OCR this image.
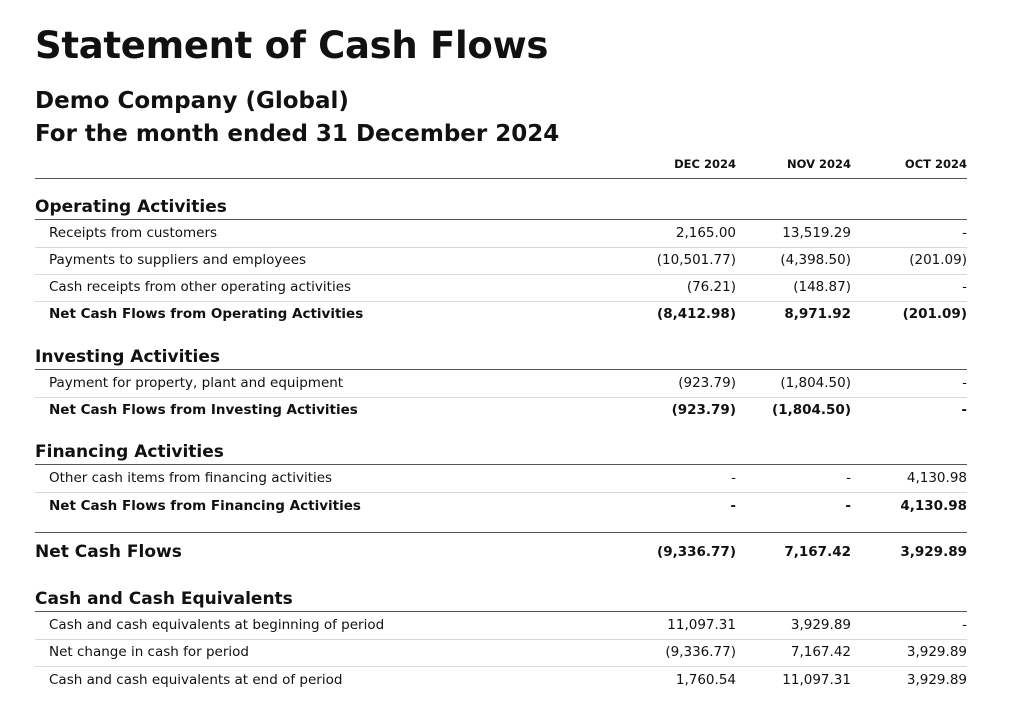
Statement of Cash Flows
Demo Company (Global)
For the month ended 31 December 2024
DEC 2024	NOV 2024	OCT 2024
Operating Activities
Receipts from customers	2,165.00	13,519.29	-
Payments to suppliers and employees	(10,501.77)	(4,398.50)	(201.09)
Cash receipts from other operating activities	(76.21)	(148.87)	-
Net Cash Flows from Operating Activities	(8,412.98)	8,971.92	(201.09)
Investing Activities
Payment for property, plant and equipment	(923.79)	(1,804.50)	-
Net Cash Flows from Investing Activities	(923.79)	(1,804.50)	-
Financing Activities
Other cash items from financing activities	-	-	4,130.98
Net Cash Flows from Financing Activities	-	-	4,130.98
Net Cash Flows	(9,336.77)	7,167.42	3,929.89
Cash and Cash Equivalents
Cash and cash equivalents at beginning of period	11,097.31	3,929.89	-
Net change in cash for period	(9,336.77)	7,167.42	3,929.89
Cash and cash equivalents at end of period	1,760.54	11,097.31	3,929.89
